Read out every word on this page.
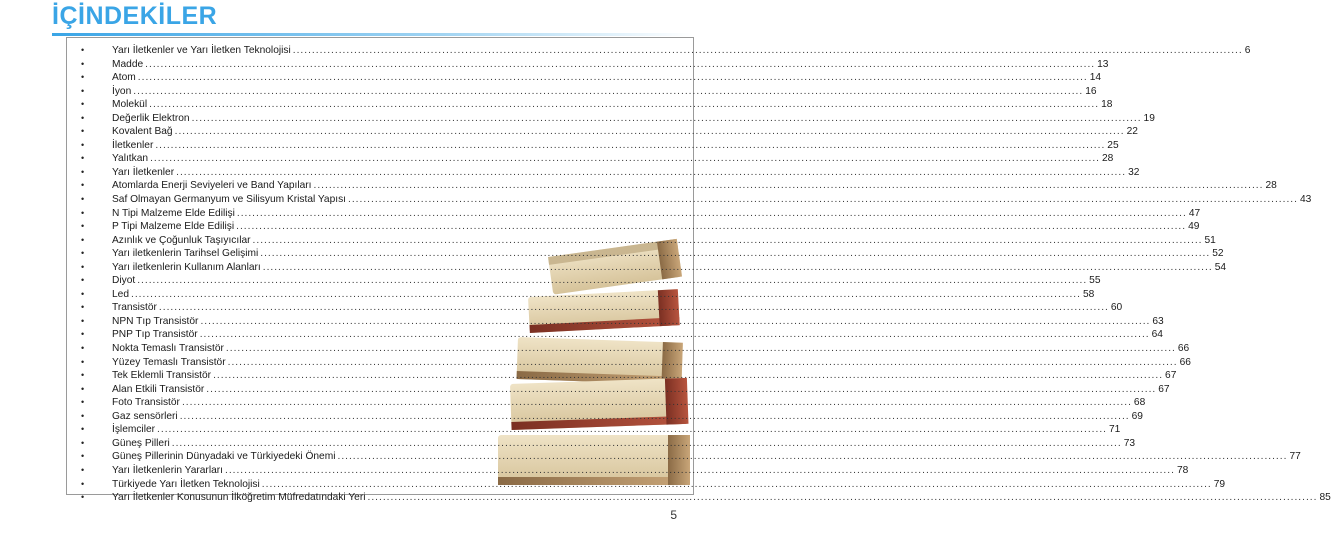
İÇİNDEKİLER
•	Yarı İletkenler ve Yarı İletken Teknolojisi .....	6
•	Madde .....	13
•	Atom .....	14
•	İyon .....	16
•	Molekül .....	18
•	Değerlik Elektron .....	19
•	Kovalent Bağ .....	22
•	İletkenler .....	25
•	Yalıtkan .....	28
•	Yarı İletkenler .....	32
•	Atomlarda Enerji Seviyeleri ve Band Yapıları .....	28
•	Saf Olmayan Germanyum ve Silisyum Kristal Yapısı .....	43
•	N Tipi Malzeme Elde Edilişi .....	47
•	P Tipi Malzeme Elde Edilişi .....	49
•	Azınlık ve Çoğunluk Taşıyıcılar .....	51
•	Yarı iletkenlerin Tarihsel Gelişimi .....	52
•	Yarı iletkenlerin Kullanım Alanları .....	54
•	Diyot .....	55
•	Led .....	58
•	Transistör .....	60
•	NPN Tıp Transistör .....	63
•	PNP Tıp Transistör .....	64
•	Nokta Temaslı Transistör .....	66
•	Yüzey Temaslı Transistör .....	66
•	Tek Eklemli Transistör .....	67
•	Alan Etkili Transistör .....	67
•	Foto Transistör .....	68
•	Gaz sensörleri .....	69
•	İşlemciler .....	71
•	Güneş Pilleri .....	73
•	Güneş Pillerinin Dünyadaki ve Türkiyedeki Önemi .....	77
•	Yarı İletkenlerin Yararları .....	78
•	Türkiyede Yarı İletken Teknolojisi .....	79
•	Yarı İletkenler Konusunun İlköğretim Müfredatındaki Yeri .....	85
5
